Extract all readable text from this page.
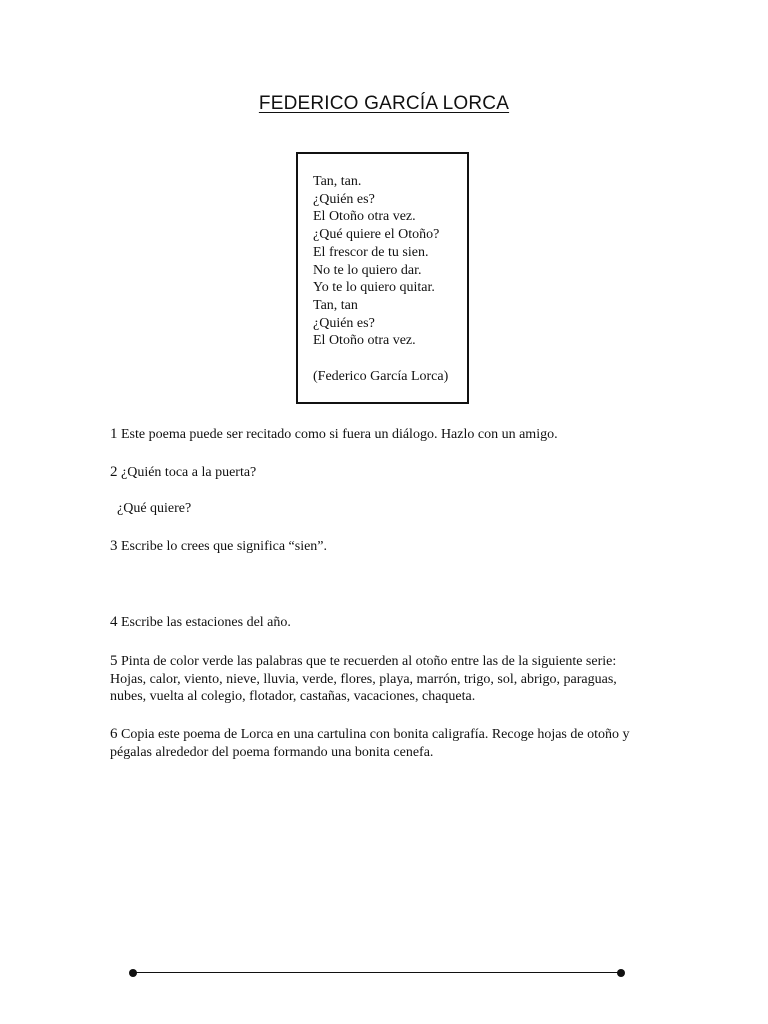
FEDERICO GARCÍA LORCA
Tan, tan.
¿Quién es?
El Otoño otra vez.
¿Qué quiere el Otoño?
El frescor de tu sien.
No te lo quiero dar.
Yo te lo quiero quitar.
Tan, tan
¿Quién es?
El Otoño otra vez.
(Federico García Lorca)
1 Este poema puede ser recitado como si fuera un diálogo. Hazlo con un amigo.
2 ¿Quién toca a la puerta?
¿Qué quiere?
3 Escribe lo crees que significa “sien”.
4 Escribe las estaciones del año.
5 Pinta de color verde las palabras que te recuerden al otoño entre las de la siguiente serie: Hojas, calor, viento, nieve, lluvia, verde, flores, playa, marrón, trigo, sol, abrigo, paraguas, nubes, vuelta al colegio, flotador, castañas, vacaciones, chaqueta.
6 Copia este poema de Lorca en una cartulina con bonita caligrafía. Recoge hojas de otoño y pégalas alrededor del poema formando una bonita cenefa.
